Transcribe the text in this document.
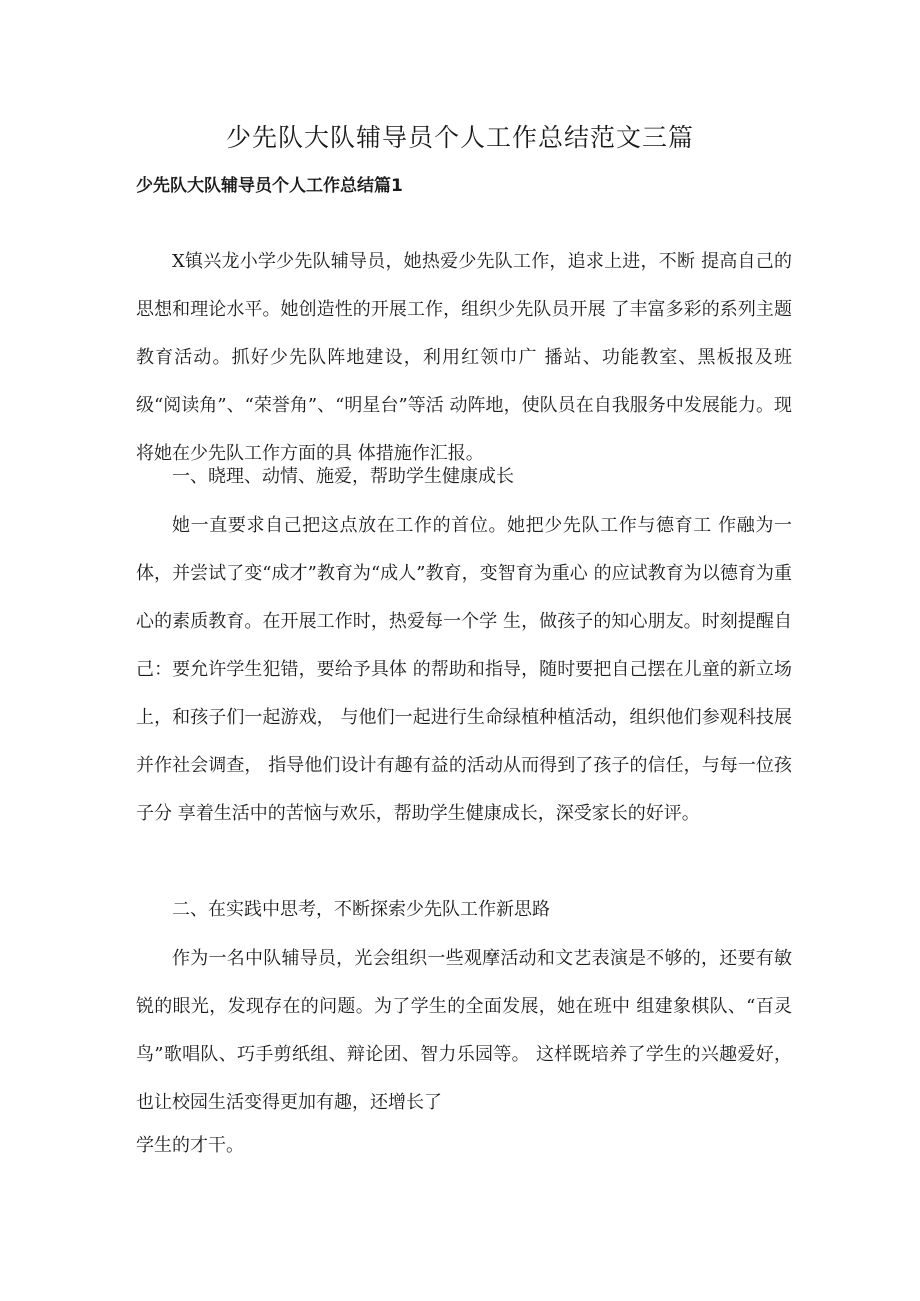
少先队大队辅导员个人工作总结范文三篇
少先队大队辅导员个人工作总结篇1

X镇兴龙小学少先队辅导员，她热爱少先队工作，追求上进，不断 提高自己的思想和理论水平。她创造性的开展工作，组织少先队员开展 了丰富多彩的系列主题教育活动。抓好少先队阵地建设，利用红领巾广 播站、功能教室、黑板报及班级“阅读角”、“荣誉角”、“明星台”等活 动阵地，使队员在自我服务中发展能力。现将她在少先队工作方面的具 体措施作汇报。

一、晓理、动情、施爱，帮助学生健康成长

她一直要求自己把这点放在工作的首位。她把少先队工作与德育工 作融为一体，并尝试了变“成才”教育为“成人”教育，变智育为重心 的应试教育为以德育为重心的素质教育。在开展工作时，热爱每一个学 生，做孩子的知心朋友。时刻提醒自己：要允许学生犯错，要给予具体 的帮助和指导，随时要把自己摆在儿童的新立场上，和孩子们一起游戏， 与他们一起进行生命绿植种植活动，组织他们参观科技展并作社会调查， 指导他们设计有趣有益的活动从而得到了孩子的信任，与每一位孩子分 享着生活中的苦恼与欢乐，帮助学生健康成长，深受家长的好评。

二、在实践中思考，不断探索少先队工作新思路

作为一名中队辅导员，光会组织一些观摩活动和文艺表演是不够的，还要有敏锐的眼光，发现存在的问题。为了学生的全面发展，她在班中 组建象棋队、“百灵鸟”歌唱队、巧手剪纸组、辩论团、智力乐园等。 这样既培养了学生的兴趣爱好，也让校园生活变得更加有趣，还增长了
学生的才干。
